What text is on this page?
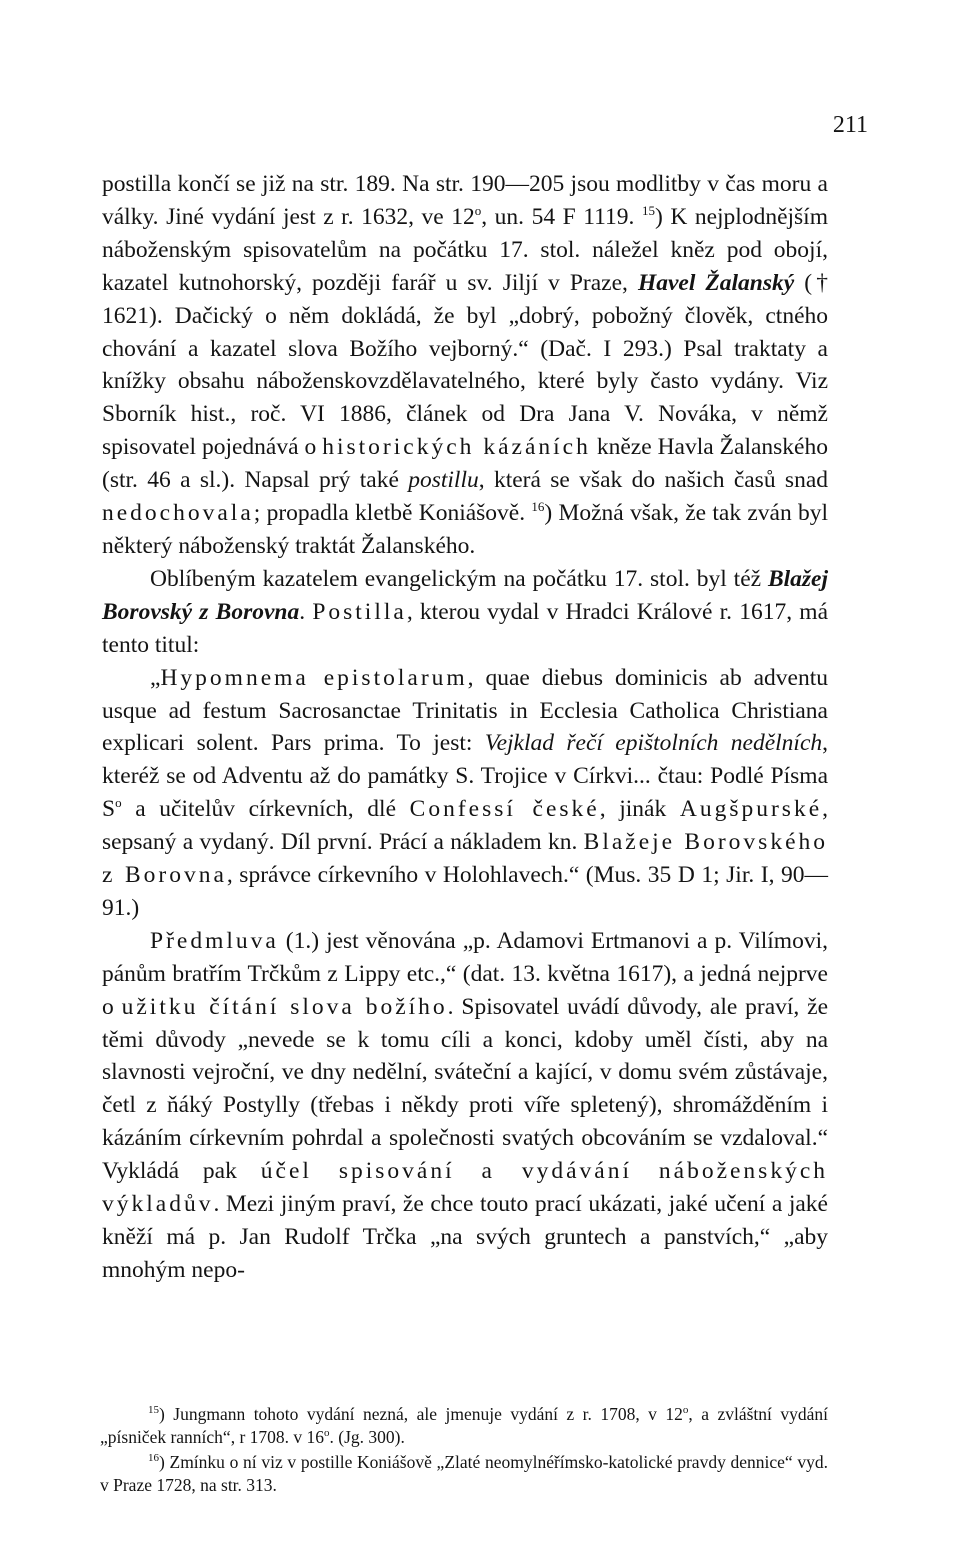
211

postilla končí se již na str. 189. Na str. 190—205 jsou modlitby v čas moru a války. Jiné vydání jest z r. 1632, ve 12$^o$, un. 54 F 1119. $^{15}$) K nejplodnějším náboženským spisovatelům na počátku 17. stol. náležel kněz pod obojí, kazatel kutnohorský, později farář u sv. Jiljí v Praze, Havel Žalanský († 1621). Dačický o něm dokládá, že byl „dobrý, pobožný člověk, ctného chování a kazatel slova Božího vejborný.“ (Dač. I 293.) Psal traktaty a knížky obsahu náboženskovzdělavatelného, které byly často vydány. Viz Sborník hist., roč. VI 1886, článek od Dra Jana V. Nováka, v němž spisovatel pojednává o historických kázáních kněze Havla Žalanského (str. 46 a sl.). Napsal prý také postillu, která se však do našich časů snad nedochovala; propadla kletbě Koniášově. $^{16}$) Možná však, že tak zván byl některý náboženský traktát Žalanského.

Oblíbeným kazatelem evangelickým na počátku 17. stol. byl též Blažej Borovský z Borovna. Postilla, kterou vydal v Hradci Králové r. 1617, má tento titul:

„Hypomnema epistolarum, quae diebus dominicis ab adventu usque ad festum Sacrosanctae Trinitatis in Ecclesia Catholica Christiana explicari solent. Pars prima. To jest: Vejklad řečí epištolních nedělních, kteréž se od Adventu až do památky S. Trojice v Církvi... čtau: Podlé Písma $S^o$ a učitelův církevních, dlé Confessí české, jinák Augšpurské, sepsaný a vydaný. Díl první. Prácí a nákladem kn. Blažeje Borovského z Borovna, správce církevního v Holohlavech.“ (Mus. 35 D 1; Jir. I, 90—91.)

Předmluva (1.) jest věnována „p. Adamovi Ertmanovi a p. Vilímovi, pánům bratřím Trčkům z Lippy etc.,“ (dat. 13. května 1617), a jedná nejprve o užitku čítání slova božího. Spisovatel uvádí důvody, ale praví, že těmi důvody „nevede se k tomu cíli a konci, kdoby uměl čísti, aby na slavnosti vejroční, ve dny nedělní, sváteční a kající, v domu svém zůstávaje, četl z ňáký Postylly (třebas i někdy proti víře spletený), shromážděním i kázáním církevním pohrdal a společnosti svatých obcováním se vzdaloval.“ Vykládá pak účel spisování a vydávání náboženských výkladův. Mezi jiným praví, že chce touto prací ukázati, jaké učení a jaké kněží má p. Jan Rudolf Trčka „na svých gruntech a panstvích,“ „aby mnohým nepo-

$^{15}$) Jungmann tohoto vydání nezná, ale jmenuje vydání z r. 1708, v 12$^o$, a zvláštní vydání „písniček ranních“, r 1708. v 16$^o$. (Jg. 300).

$^{16}$) Zmínku o ní viz v postille Koniášově „Zlaté neomylnéřímsko-katolické pravdy dennice“ vyd. v Praze 1728, na str. 313.
